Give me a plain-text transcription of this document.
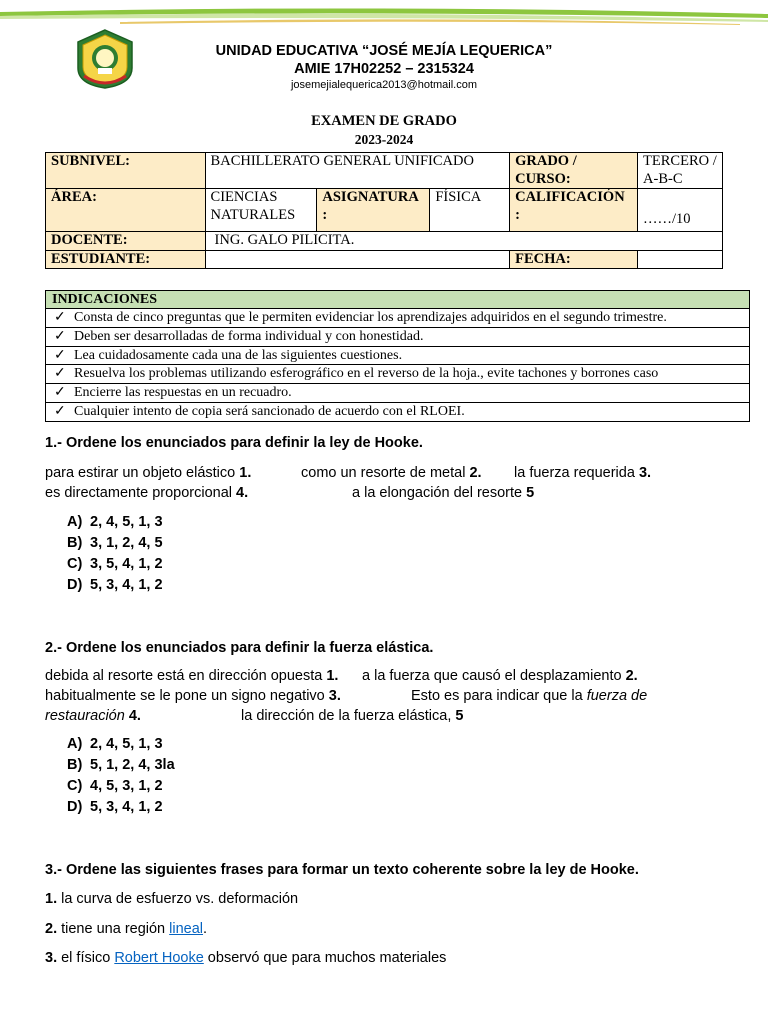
UNIDAD EDUCATIVA “JOSÉ MEJÍA LEQUERICA”
AMIE 17H02252 – 2315324
josemejialequerica2013@hotmail.com
EXAMEN DE GRADO
2023-2024
SUBNIVEL:	BACHILLERATO GENERAL UNIFICADO			GRADO / CURSO:	TERCERO / A-B-C
ÁREA:	CIENCIAS NATURALES	ASIGNATURA :	FÍSICA	CALIFICACIÓN :	……/10
DOCENTE:	ING. GALO PILICITA.				
ESTUDIANTE:				FECHA:	
INDICACIONES
✓ Consta de cinco preguntas que le permiten evidenciar los aprendizajes adquiridos en el segundo trimestre.
✓ Deben ser desarrolladas de forma individual y con honestidad.
✓ Lea cuidadosamente cada una de las siguientes cuestiones.
✓ Resuelva los problemas utilizando esferográfico en el reverso de la hoja., evite tachones y borrones caso
✓ Encierre las respuestas en un recuadro.
✓ Cualquier intento de copia será sancionado de acuerdo con el RLOEI.
1.- Ordene los enunciados para definir la ley de Hooke.
para estirar un objeto elástico 1.	como un resorte de metal 2. la fuerza requerida 3.
es directamente proporcional 4.	a la elongación del resorte 5
A) 2, 4, 5, 1, 3
B) 3, 1, 2, 4, 5
C) 3, 5, 4, 1, 2
D) 5, 3, 4, 1, 2
2.- Ordene los enunciados para definir la fuerza elástica.
debida al resorte está en dirección opuesta 1. a la fuerza que causó el desplazamiento 2.
habitualmente se le pone un signo negativo 3.	Esto es para indicar que la fuerza de
restauración 4.	la dirección de la fuerza elástica, 5
A) 2, 4, 5, 1, 3
B) 5, 1, 2, 4, 3la
C) 4, 5, 3, 1, 2
D) 5, 3, 4, 1, 2
3.- Ordene las siguientes frases para formar un texto coherente sobre la ley de Hooke.
1. la curva de esfuerzo vs. deformación
2. tiene una región lineal.
3. el físico Robert Hooke observó que para muchos materiales
